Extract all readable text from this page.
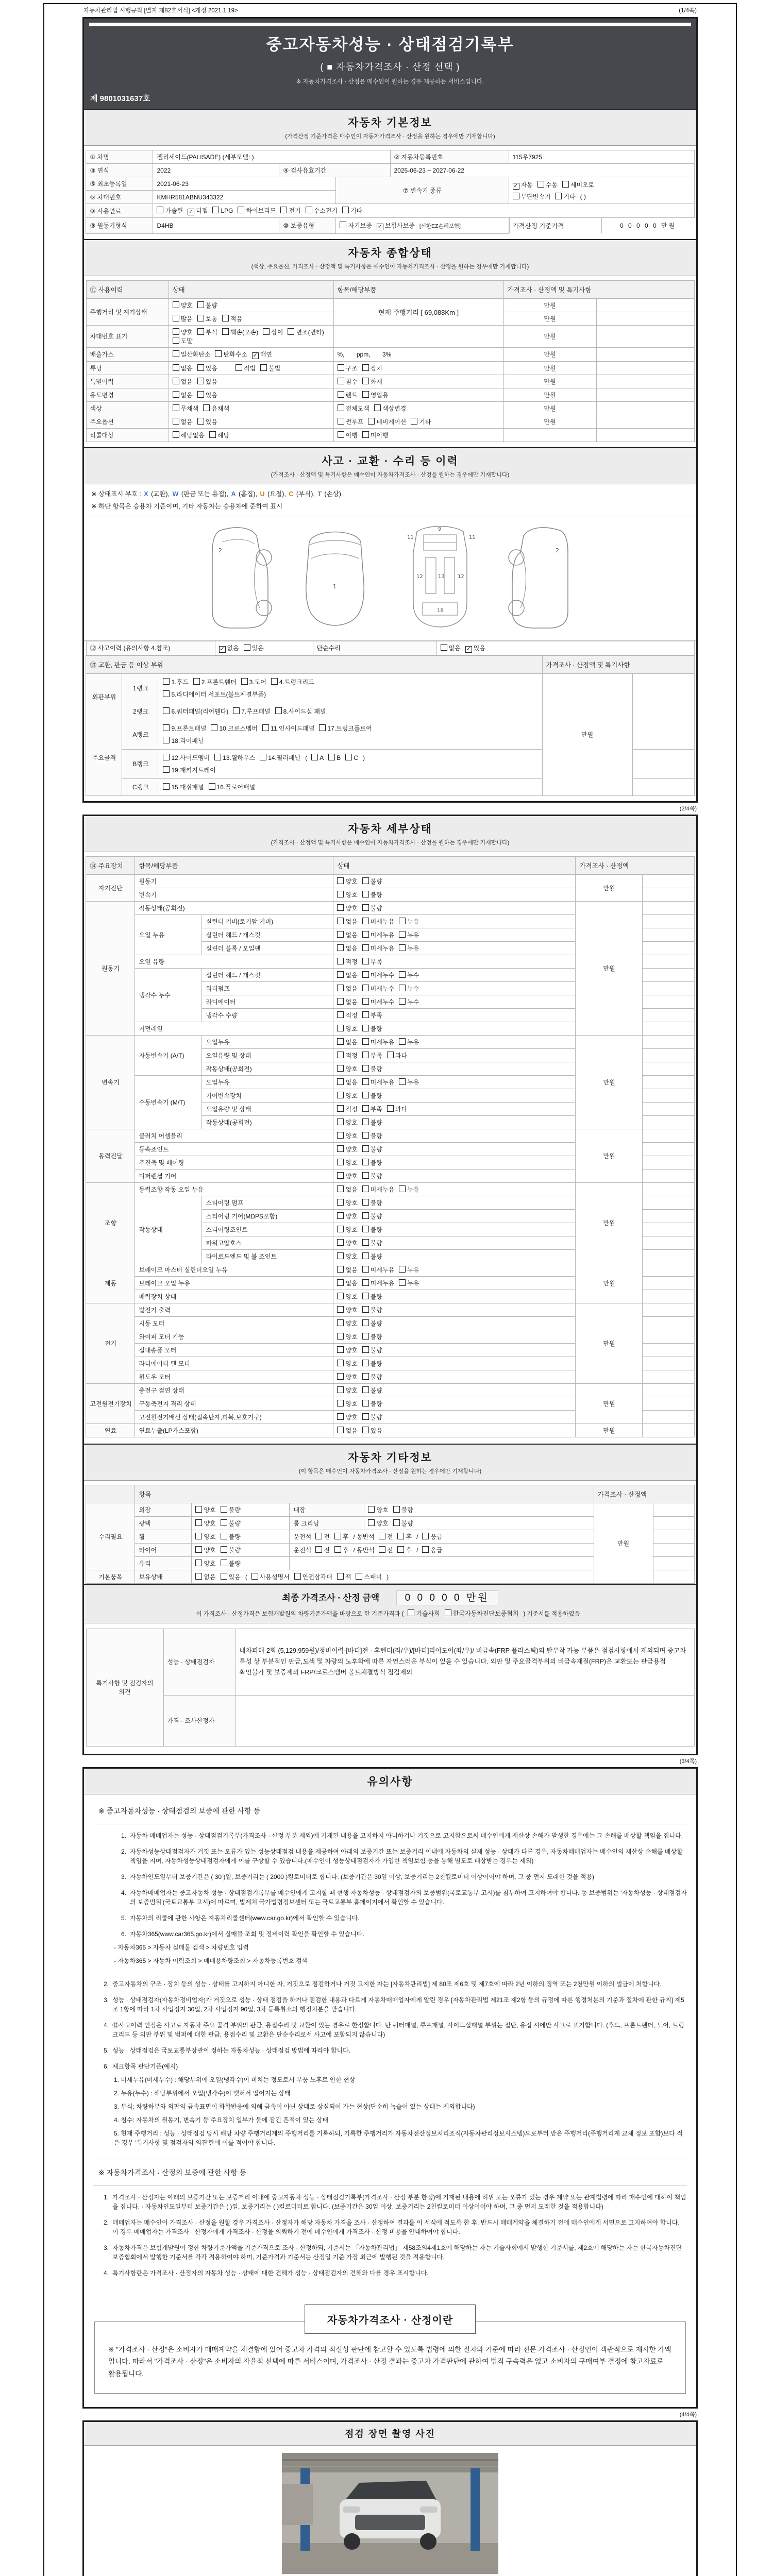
자동차관리법 시행규칙 [별지 제82호서식] <개정 2021.1.19>	(1/4쪽)
중고자동차성능 · 상태점검기록부
( ■ 자동차가격조사 · 산정 선택 )
※ 자동차가격조사 · 산정은 매수인이 원하는 경우 제공하는 서비스입니다.
제 9801031637호
자동차 기본정보
(가격산정 기준가격은 매수인이 자동차가격조사 · 산정을 원하는 경우에만 기재합니다)
① 차명	팰리세이드(PALISADE) (세부모델: )			② 자동차등록번호	115우7925
③ 연식	2022	④ 검사유효기간		2025-06-23 ~ 2027-06-22	
⑤ 최초등록일	2021-06-23		⑦ 변속기 종류	
✓자동 수동 세미오토
무단변속기 기타 ( )

⑥ 차대번호	KMHR581ABNU343322				
⑧ 사용연료	가솔린 ✓ 디젤 LPG 하이브리드 전기 수소전기 기타
⑨ 원동기형식	D4HB	⑩ 보증유형	자기보증 ✓ 보험사보증 [신한EZ손해보험]		가격산정 기준가격 0 0 0 0 0 만원
자동차 종합상태
(색상, 주요옵션, 가격조사 · 산정액 및 특기사항은 매수인이 자동차가격조사 · 산정을 원하는 경우에만 기재합니다)
⑪ 사용이력	상태	항목/해당부품	가격조사 · 산정액 및 특기사항	
주행거리 및 계기상태	양호 불량	현재 주행거리 [ 69,088Km ]	만원	
	많음 보통 적음		만원	
차대번호 표기	양호 부식 훼손(오손) 상이 변조(변타)도말		만원	
배출가스	일산화탄소 탄화수소 ✓ 매연	%,       ppm,       3%	만원	
튜닝	없음 있음 적법 불법	구조 장치	만원	
특별이력	없음 있음	침수 화재	만원	
용도변경	없음 있음	렌트 영업용	만원	
색상	무채색 유채색	전체도색 색상변경	만원	
주요옵션	없음 있음	썬루프 네비게이션 기타	만원	
리콜대상	해당없음 해당	이행 미이행		
사고 · 교환 · 수리 등 이력
(가격조사 · 산정액 및 특기사항은 매수인이 자동차가격조사 · 산정을 원하는 경우에만 기재합니다)
※ 상태표시 부호 : X (교환), W (판금 또는 용접), A (흠집), U (요철), C (부식), T (손상)
※ 하단 항목은 승용차 기준이며, 기타 자동차는 승용차에 준하여 표시
2
1
11	11
9
12	12
13
18
2
⑫ 사고이력 (유의사항 4.참조)	✓없음 있음	단순수리	없음 ✓ 있음
⑬ 교환, 판금 등 이상 부위			가격조사 · 산정액 및 특기사항	
외판부위	1랭크	1.후드 2.프론트휀더 3.도어 4.트렁크리드
5.라디에이터 서포트(볼트체결부품)	만원	
	2랭크	6.쿼터패널(리어휀다) 7.루프패널 8.사이드실 패널		
주요골격	A랭크	9.프론트패널 10.크로스멤버 11.인사이드패널 17.트렁크플로어
18.리어패널		
	B랭크	12.사이드멤버 13.휠하우스 14.필러패널 ( A B C )
19.패키지트레이		
	C랭크	15.대쉬패널 16.플로어패널		
(2/4쪽)
자동차 세부상태
(가격조사 · 산정액 및 특기사항은 매수인이 자동차가격조사 · 산정을 원하는 경우에만 기재합니다)
⑭ 주요장치	항목/해당부품		상태	가격조사 · 산정액	
자기진단	원동기		양호 불량	만원	
	변속기		양호 불량		
원동기	작동상태(공회전)		양호 불량	만원	
	오일 누유	실린더 커버(로커암 커버)	없음 미세누유 누유		
		실린더 헤드 / 개스킷	없음 미세누유 누유		
		실린더 블록 / 오일팬	없음 미세누유 누유		
	오일 유량		적정 부족		
	냉각수 누수	실린더 헤드 / 개스킷	없음 미세누수 누수		
		워터펌프	없음 미세누수 누수		
		라디에이터	없음 미세누수 누수		
		냉각수 수량	적정 부족		
	커먼레일		양호 불량		
변속기	자동변속기 (A/T)	오일누유	없음 미세누유 누유	만원	
		오일유량 및 상태	적정 부족 과다		
		작동상태(공회전)	양호 불량		
	수동변속기 (M/T)	오일누유	없음 미세누유 누유		
		기어변속장치	양호 불량		
		오일유량 및 상태	적정 부족 과다		
		작동상태(공회전)	양호 불량		
동력전달	클러치 어셈블리		양호 불량	만원	
	등속죠인트		양호 불량		
	추진축 및 베어링		양호 불량		
	디퍼렌셜 기어		양호 불량		
조향	동력조향 작동 오일 누유		없음 미세누유 누유	만원	
	작동상태	스티어링 펌프	양호 불량		
		스티어링 기어(MDPS포함)	양호 불량		
		스티어링조인트	양호 불량		
		파워고압호스	양호 불량		
		타이로드엔드 및 볼 조인트	양호 불량		
제동	브레이크 마스터 실린더오일 누유		없음 미세누유 누유	만원	
	브레이크 오일 누유		없음 미세누유 누유		
	배력장치 상태		양호 불량		
전기	발전기 출력		양호 불량	만원	
	시동 모터		양호 불량		
	와이퍼 모터 기능		양호 불량		
	실내송풍 모터		양호 불량		
	라디에이터 팬 모터		양호 불량		
	윈도우 모터		양호 불량		
고전원전기장치	충전구 절연 상태		양호 불량	만원	
	구동축전지 격리 상태		양호 불량		
	고전원전기배선 상태(접속단자,피복,보호기구)		양호 불량		
연료	연료누출(LP가스포함)		없음 있음	만원	
자동차 기타정보
(이 항목은 매수인이 자동차가격조사 · 산정을 원하는 경우에만 기재합니다)
	항목				가격조사 · 산정액	
수리필요	외장	양호 불량	내장	양호 불량	만원	
	광택	양호 불량	룸 크리닝	양호 불량		
	휠	양호 불량	운전석 전 후 / 동반석 전 후 / 응급			
	타이어	양호 불량	운전석 전 후 / 동반석 전 후 / 응급			
	유리	양호 불량				
기본품목	보유상태	없음 있음 ( 사용설명서 안전삼각대 잭 스패너 )				
최종 가격조사 · 산정 금액	0 0 0 0 0 만원
이 가격조사 · 산정가격은 보험개발원의 차량기준가액을 바탕으로 한 기준가격과 ( 기술사회 한국자동차진단보증협회 ) 기준서를 적용하였음
특기사항 및 점검자의 의견	성능 · 상태점검자	내차피해-2회 (5,129,959원)/정비이력-[바디]전 · 후펜더(좌/우)/[바디]리어도어(좌/우)/ 비금속(FRP 플라스틱)의 탈부착 가능 부품은 점검사항에서 제외되며 중고차 특성 상 부분적인 판금,도색 및 차량의 노후화에 따른 자연스러운 부식이 있을 수 있습니다. 외판 및 주요골격부위의 비금속재질(FRP)은 교환또는 판금용접 확인불가 및 보증제외 FRP/크로스멤버 볼트체결방식 점검제외
	가격 · 조사산정자	
(3/4쪽)
유의사항
※ 중고자동차성능 · 상태점검의 보증에 관한 사항 등
1. 자동차 매매업자는 성능 · 상태점검기록부(가격조사 · 산정 부분 제외)에 기재된 내용을 고지하지 아니하거나 거짓으로 고지함으로써 매수인에게 재산상 손해가 발생한 경우에는 그 손해를 배상할 책임을 집니다.
2. 자동차성능상태점검자가 거짓 또는 오류가 있는 성능상태점검 내용을 제공하여 아래의 보증기간 또는 보증거리 이내에 자동차의 실제 성능 · 상태가 다른 경우, 자동차매매업자는 매수인의 재산상 손해를 배상할 책임을 지며, 자동차성능상태점검자에게 이를 구상할 수 있습니다.(매수인이 성능상태점검자가 가입한 책임보험 등을 통해 별도로 배상받는 경우는 제외)
3. 자동차인도일부터 보증기간은 ( 30 )일, 보증거리는 ( 2000 )킬로미터로 합니다. (보증기간은 30일 이상, 보증거리는 2천킬로미터 이상이어야 하며, 그 중 먼저 도래한 것을 적용)
4. 자동차매매업자는 중고자동차 성능 · 상태점검기록부를 매수인에게 고지할 때 현행 자동차성능 · 상태점검자의 보증범위(국토교통부 고시)를 첨부하여 고지하여야 합니다. 동 보증범위는 '자동차성능 · 상태점검자의 보증범위'(국토교통부 고시)에 따르며, 법제처 국가법령정보센터 또는 국토교통부 홈페이지에서 확인할 수 있습니다.
5. 자동차의 리콜에 관한 사항은 자동차리콜센터(www.car.go.kr)에서 확인할 수 있습니다.
6. 자동차365(www.car365.go.kr)에서 실매물 조회 및 정비이력 확인을 확인할 수 있습니다.
- 자동차365 > 자동차 실매물 검색 > 차량번호 입력
- 자동차365 > 자동차 이력조회 > 매매용차량조회 > 자동차등록번호 검색
2. 중고자동차의 구조 · 장치 등의 성능 · 상태를 고지하지 아니한 자, 거짓으로 점검하거나 거짓 고지한 자는 [자동차관리법] 제 80조 제6호 및 제7호에 따라 2년 이하의 징역 또는 2천만원 이하의 벌금에 처합니다.
3. 성능 · 상태점검자(자동차정비업자)가 거짓으로 성능 · 상태 점검을 하거나 점검한 내용과 다르게 자동차매매업자에게 알린 경우 [자동차관리법 제21조 제2항 등의 규정에 따른 행정처분의 기준과 절차에 관한 규칙] 제5조 1항에 따라 1차 사업정지 30일, 2차 사업정지 90일, 3차 등록취소의 행정처분을 받습니다.
4. ⑫사고이력 인정은 사고로 자동차 주요 골격 부위의 판금, 용접수리 및 교환이 있는 경우로 한정합니다. 단 쿼터패널, 루프패널, 사이드실패널 부위는 절단, 용접 시에만 사고로 표기합니다. (후드, 프론트펜더, 도어, 트렁크리드 등 외판 부위 및 범퍼에 대한 판금, 용접수리 및 교환은 단순수리로서 사고에 포함되지 않습니다)
5. 성능 · 상태점검은 국토교통부장관이 정하는 자동차성능 · 상태점검 방법에 따라야 합니다.
6. 체크항목 판단기준(예시)
1. 미세누유(미세누수) : 해당부위에 오일(냉각수)이 비치는 정도로서 부품 노후로 인한 현상
2. 누유(누수) : 해당부위에서 오일(냉각수)이 맺혀서 떨어지는 상태
3. 부식: 차량하부와 외판의 금속표면이 화학반응에 의해 금속이 아닌 상태로 상실되어 가는 현상(단순히 녹슬어 있는 상태는 제외합니다)
4. 침수: 자동차의 원동기, 변속기 등 주요장치 일부가 물에 잠긴 흔적이 있는 상태
5. 현재 주행거리 : 성능 · 상태점검 당시 해당 차량 주행거리계의 주행거리를 기록하되, 기록한 주행거리가 자동차전산정보처리조직(자동차관리정보시스템)으로부터 받은 주행거리(주행거리계 교체 정보 포함)보다 적은 경우 '특기사항 및 점검자의 의견'란에 이를 적어야 합니다.
※ 자동차가격조사 · 산정의 보증에 관한 사항 등
1. 가격조사 · 산정자는 아래의 보증기간 또는 보증거리 이내에 중고자동차 성능 · 상태점검기록부(가격조사 · 산정 부분 한정)에 기재된 내용에 허위 또는 오류가 있는 경우 계약 또는 관계법령에 따라 매수인에 대하여 책임을 집니다. · 자동차인도일부터 보증기간은 ( )일, 보증거리는 ( )킬로미터로 합니다. (보증기간은 30일 이상, 보증거리는 2천킬로미터 이상이어야 하며, 그 중 먼저 도래한 것을 적용합니다)
2. 매매업자는 매수인이 가격조사 · 산정을 원할 경우 가격조사 · 산정자가 해당 자동차 가격을 조사 · 산정하여 결과를 이 서식에 적도록 한 후, 반드시 매매계약을 체결하기 전에 매수인에게 서면으로 고지하여야 합니다. 이 경우 매매업자는 가격조사 · 산정자에게 가격조사 · 산정을 의뢰하기 전에 매수인에게 가격조사 · 산정 비용을 안내하여야 합니다.
3. 자동차가격은 보험개발원이 정한 차량기준가액을 기준가격으로 조사 · 산정하되, 기준서는 「자동차관리법」 제58조의4제1호에 해당하는 자는 기술사회에서 발행한 기준서를, 제2호에 해당하는 자는 한국자동차진단보증협회에서 발행한 기준서를 각각 적용하여야 하며, 기준가격과 기준서는 산정일 기준 가장 최근에 발행된 것을 적용합니다.
4. 특기사항란은 가격조사 · 산정자의 자동차 성능 · 상태에 대한 견해가 성능 · 상태점검자의 견해와 다를 경우 표시합니다.
자동차가격조사 · 산정이란
※ "가격조사 · 산정"은 소비자가 매매계약을 체결함에 있어 중고차 가격의 적절성 판단에 참고할 수 있도록 법령에 의한 절차와 기준에 따라 전문 가격조사 · 산정인이 객관적으로 제시한 가액입니다. 따라서 "가격조사 · 산정"은 소비자의 자율적 선택에 따른 서비스이며, 가격조사 · 산정 결과는 중고차 가격판단에 관하여 법적 구속력은 없고 소비자의 구매여부 결정에 참고자료로 활용됩니다.
(4/4쪽)
점검 장면 촬영 사진
